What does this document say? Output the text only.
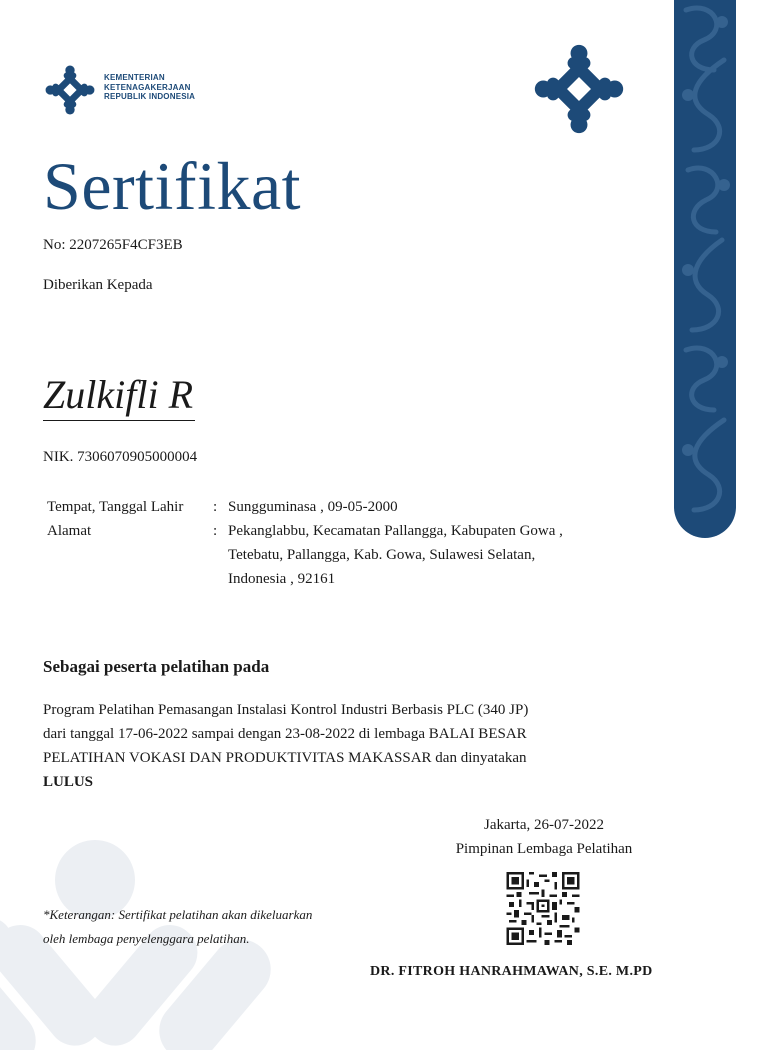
KEMENTERIAN
KETENAGAKERJAAN
REPUBLIK INDONESIA
Sertifikat
No: 2207265F4CF3EB
Diberikan Kepada
Zulkifli R
NIK. 7306070905000004
Tempat, Tanggal Lahir	: Sungguminasa , 09-05-2000
Alamat	: Pekanglabbu, Kecamatan Pallangga, Kabupaten Gowa ,
Tetebatu, Pallangga, Kab. Gowa, Sulawesi Selatan,
Indonesia , 92161
Sebagai peserta pelatihan pada
Program Pelatihan Pemasangan Instalasi Kontrol Industri Berbasis PLC (340 JP)
dari tanggal 17-06-2022 sampai dengan 23-08-2022 di lembaga BALAI BESAR
PELATIHAN VOKASI DAN PRODUKTIVITAS MAKASSAR dan dinyatakan
LULUS
Jakarta, 26-07-2022
Pimpinan Lembaga Pelatihan
*Keterangan: Sertifikat pelatihan akan dikeluarkan
oleh lembaga penyelenggara pelatihan.
DR. FITROH HANRAHMAWAN, S.E. M.PD
